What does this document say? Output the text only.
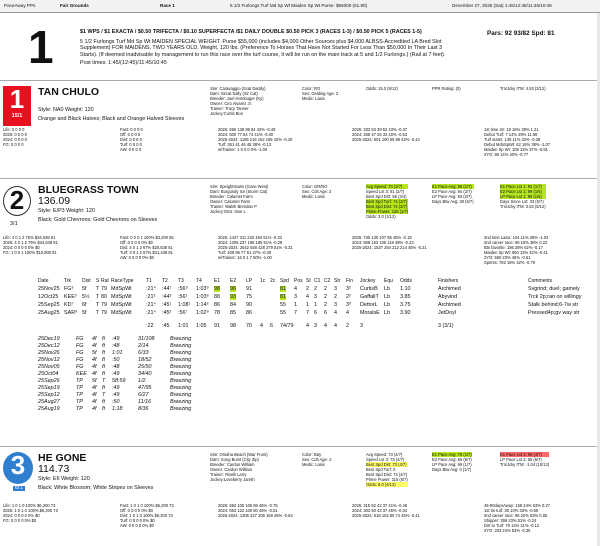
PaceAway PPs	Fair Grounds	Race 1	5 1/2 Furlongs Turf Md Sp Wt Maiden Sp Wt Purse: $55000 (61.90)	December 27, 2025 (Sat) 1:45/12:45/11:45/10:45
1	$1 WPS / $1 EXACTA / $0.50 TRIFECTA / $0.10 SUPERFECTA /$1 DAILY DOUBLE $0.50 PICK 3 (RACES 1-3) / $0.50 PICK 5 (RACES 1-5)
5 1/2 Furlongs Turf Md Sp Wt MAIDEN SPECIAL WEIGHT. Purse $55,000 (includes $4,000 Other Sources plus $4,000 ALBSS-Accredited LA Bred Slot Supplement) FOR MAIDENS, TWO YEARS OLD. Weight, 120 lbs. (Preference To Horses That Have Not Started For Less Than $50,000 In Their Last 3 Starts). (If deemed inadvisable by management to run this race over the turf course, it will be run on the main track at 5 and 1/2 Furlongs.) (Rail at 7 feet).
Post times: 1:45/(12:45)/11:45/10:45
Pars: 92 93/82 Spd: 81
1
15/1
TAN CHULO
Style: NA0 Weight: 120
Orange and Black Halves; Black and Orange Halved Sleeves
Sire: Caravaggio (Scat Daddy)
Dam: Sircat Sally (Sir Cat)
Breeder: Joel Hornbuger (Ky)
Owner: Ciro Alvarez Jr.
Trainer: Tracy Tanner
Jockey:Curtis Bon
Color: RO
Sex: Gelding Age: 2
Medic: Lasix
Odds: 15.0 (9/12)	PPR Rating: (0)	Trn/Jcky ITM: 4.53 (2/12)
Life: 0 0 0 0
2025: 0 0 0 0
2024: 0 0 0 0
FG: 0 0 0 0
Fast: 0 0 0 0
Off: 0 0 0 0
Dist: 0 0 0 0
Turf: 0 0 0 0
AW: 0 0 0 0
2025: 696 139 98 84 42% -0.49
2024: 500 77 54 74 41% -0.30
2025-2024: 1196 216 152 158 42% -0.40
Turf: 351 41 46 45 38% -0.13
w/Trainer: 1 0 0 0 0% -1.00
2025: 333 53 39 52 43% -0.37
2024: 268 47 26 33 40% -0.53
2025-2024: 601 100 65 85 42% -0.44
1st time str: 18 16% 38% 1.21
Debut Turf: 7 14% 29% 11.98
Turf starts: 135 11% 32% -0.38
Debut MdnSpWt: 62 16% 38% -1.07
Maiden Sp Wt: 108 12% 37% -0.81
2YO: 90 14% 40% -0.77
2
3/1
BLUEGRASS TOWN
136.09
Style: E/P3 Weight: 120
Black; Gold Chevrons; Gold Chevrons on Sleeves
Sire: Speightstown (Gone West)
Dam: Burgundy Ice (Storm Cat)
Breeder: Calumet Farm
Owner: Calumet Farm
Trainer: Walsh Brendan P
Jockey:Ortiz Jose L
Color: GR/RO
Sex: Colt Age: 2
Medic: Lasix
Avg Speed: 74 (2/7)
Speed Lst 3: 81 (2/7)
Best Spd Dirt: 55 (3/4)
Best Spd Turf: 74 (2/7)
Best Spd Dist: 74 (2/7)
Prime Power: 136 (1/7)
Odds: 3.0 (1/12)
E1 Pace Avg: 96 (1/7)
E2 Pace Avg: 94 (2/7)
LP Pace Avg: 93 (2/7)
Days Btw Avg: 30 (6/7)
E1 Pace Lst 1: 92 (1/7)
E2 Pace Lst 1: 99 (1/6)
LP Pace Lst 1: 95 (1/6)
Days Since Lst: 33 (5/7)
Trn/Jcky ITM: 3.53 (5/12)
Life: 4 0 1 2 75% $34,638 81
2025: 4 0 1 2 75% $34,638 81
2024: 0 0 0 0 0% $0
FG: 1 0 0 1 100% $10,800 81
Fast: 0 0 0 1 100% $3,200 55
Off: 0 0 0 0 0% $0
Dist: 4 0 1 2 67% $20,838 81
Turf: 3 0 1 2 67% $31,438 81
AW: 0 0 0 0 0% $0
2025: 1437 311 232 194 51% -0.33
2024: 1205 237 196 185 51% -0.29
2025-2024: 2642 548 428 379 51% -0.31
Turf: 408 96 77 61 47% -0.30
w/Trainer: 16 0 1 7 50% -1.00
2025: 730 130 107 95 45% -0.19
2024: 808 163 105 119 48% -0.23
2025-2024: 1537 284 212 214 46% -0.21
2nd time Lasix: 104 11% 38% -1.04
2nd career race: 96 15% 38% 0.22
Btn favorite: 186 28% 52% -0.17
Maiden Sp Wt: 960 13% 42% -0.41
2YO: 560 20% 46% -0.51
Sprints: 792 15% 42% -0.79
Date	Trk Dist S Rat RaceType T1 T2 T3 T4 E1 E2 LP 1c 2c Spd Pos St C1 C2 Str Fin Jockey Equ Odds	Finishers	Comments
25Nov25 FG⁶ 5f T 79 MdSpWt	:21⁴ :44⁷ :56⁹ 1:03⁹ 98 96 91	81 4 2 2 2 3 3² CurtisB Lb 1.10	Archimed	Svgrind; duel; gamely
12Oct25 KEE⁵ 5½ T 80 MdSpWt	:21² :44³ :56¹ 1:03⁸ 88 93 75	81 3 4 3 2 2 2² GaffaliT Lb 3.85	Abyvind	Trck 2p;ran on willingy
25Sep25 KD⁷ 6f T 79 MdSpWt	:21⁴ :45¹ 1:08¹ 1:14⁶ 86 84 90	55 1 1 1 2 3 3³ DettorL Lb 3.75	Archimed	Stalk behind;6-7w str
25Aug25 SAR⁹ 5f T 79 MdSpWt	:21⁴ :45² :56⁷ 1:02⁹ 78 85 86	55 7 7 6 6 4 4 MoralsE Lb 3.90	JetDoyl	Pressed4p;gv way str
:22 :45 1:01 1:05 91 98 70 4 6 74/79 4 3 4 4 2 3	3 (3/1)
25Dec19	FG 4f ft :49	31/108	Breezing
25Dec12	FG 4f ft :48	2/14	Breezing
25Nov26	FG 5f ft 1:01	6/33	Breezing
25Nov12	FG 4f ft :50	18/52	Breezing
25Nov05	FG 4f ft :48	25/50	Breezing
25Oct04	KEE 4f ft :49	34/40	Breezing
25Sep26	TP 5f T 58:59 1/2	Breezing
25Sep19	TP 4f ft :49	47/95	Breezing
25Sep12	TP 4f T :49	6/27	Breezing
25Aug27	TP 4f ft :50	11/16	Breezing
25Aug19	TP 4f ft 1:18	8/36	Breezing
3
6/1
HE GONE
114.73
Style: E6 Weight: 120
Black; White Blossom; White Stripes on Sleeves
Sire: Omaha Beach (War Front)
Dam: Song Burst (City Zip)
Breeder: Cardon William
Owner: Cardon William
Trainer: Rivelli Larry
Jockey:Loveberry Jareth
Color: Bay
Sex: Colt Age: 2
Medic: Lasix
Avg Speed: 73 (4/7)
Speed Lst 3: 73 (4/7)
Best Spd Dirt: 73 (4/7)
Best Spd Turf: 0
Best Spd Dist: 73 (4/7)
Prime Power: 115 (6/7)
Odds: 6.0 (4/12)
E1 Pace Avg: 76 (1/7)
E2 Pace Avg: 55 (6/7)
LP Pace Avg: 69 (1/7)
Days Btw Avg: 0 (1/7)
E1 Pace Lst 3: 99 (4/7)
LP Pace Lst 3: 55 (6/7)
Trn/Jcky ITM: -1.04 (10/12)
Life: 1 0 1 0 100% $6,200 73
2025: 1 0 1 0 100% $6,200 73
2024: 0 0 0 0 0% $0
FG: 0 0 0 0 0% $0
Fast: 1 0 1 0 100% $6,200 73
Off: 0 0 0 0 0% $0
Dist: 1 0 1 0 100% $6,200 73
Turf: 0 0 0 0 0% $0
AW: 0 0 0 0 0% $0
2025: 652 105 106 88 46% -0.75
2024: 653 122 100 80 46% -0.51
2025-2024: 1305 227 206 168 46% -0.63
2025: 315 52 42 37 41% -0.48
2024: 303 50 43 37 45% -0.34
2025-2024: 618 102 85 74 45% -0.41
46-90daysAway: 169 24% 63% 0.27
1st tm turf: 30 10% 33% -0.69
2nd career race: 96 22% 53% 0.05
Shipper: 399 23% 51% -0.24
Dirt to Turf: 79 14% 41% -0.12
2YO: 203 24% 53% -0.35
